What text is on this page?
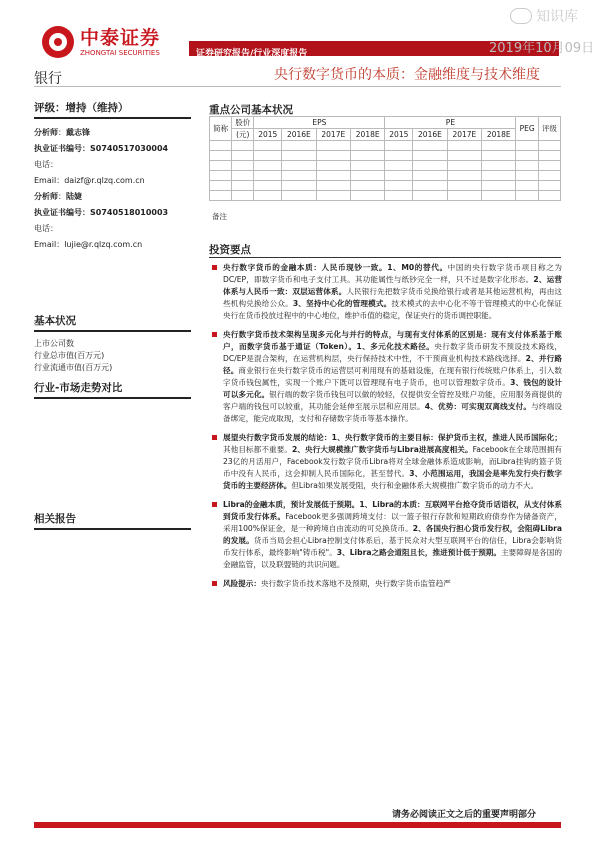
中泰证券
ZHONGTAI SECURITIES
知识库
证券研究报告/行业深度报告	2019年10月09日
银行	央行数字货币的本质：金融维度与技术维度
评级：增持（维持）
分析师：戴志锋
执业证书编号：S0740517030004
电话：
Email：daizf@r.qlzq.com.cn
分析师：陆婕
执业证书编号：S0740518010003
电话：
Email：lujie@r.qlzq.com.cn
基本状况
上市公司数
行业总市值(百万元)
行业流通市值(百万元)
行业-市场走势对比
相关报告
重点公司基本状况
简称	股价	EPS				PE				PEG	评级
	(元)	2015	2016E	2017E	2018E	2015	2016E	2017E	2018E		

备注
投资要点
央行数字货币的金融本质：人民币现钞一致。1、M0的替代。中国的央行数字货币项目称之为DC/EP，即数字货币和电子支付工具。其功能属性与纸钞完全一样，只不过是数字化形态。2、运营体系与人民币一致：双层运营体系。人民银行先把数字货币兑换给银行或者是其他运营机构，再由这些机构兑换给公众。3、坚持中心化的管理模式。技术模式的去中心化不等于管理模式的中心化保证央行在货币投放过程中的中心地位，维护币值的稳定，保证央行的货币调控职能。
央行数字货币技术架构呈现多元化与并行的特点，与现有支付体系的区别是：现有支付体系基于账户，而数字货币基于通证（Token）。1、多元化技术路径。央行数字货币研发不预设技术路线，DC/EP是混合架构，在运营机构层，央行保持技术中性，不干预商业机构技术路线选择。2、并行路径。商业银行在央行数字货币的运营层可利用现有的基础设施，在现有银行传统账户体系上，引入数字货币钱包属性，实现一个账户下既可以管理现有电子货币，也可以管理数字货币。3、钱包的设计可以多元化。银行端的数字货币钱包可以做的较轻，仅提供安全管控及账户功能，应用服务商提供的客户端的钱包可以较重，其功能会延伸至展示层和应用层。4、优势：可实现双离线支付。与终端设备绑定，能完成取现，支付和存储数字货币等基本操作。
展望央行数字货币发展的结论：1、央行数字货币的主要目标：保护货币主权，推进人民币国际化；其他目标都不重要。2、央行大规模推广数字货币与Libra进展高度相关。Facebook在全球范围拥有23亿的月活用户，Facebook发行数字货币Libra将对全球金融体系造成影响，而Libra挂钩的篮子货币中没有人民币，这会抑制人民币国际化，甚至替代。3、小范围运用，我国会是率先发行央行数字货币的主要经济体。但Libra如果发展受阻，央行和金融体系大规模推广数字货币的动力不大。
Libra的金融本质，预计发展低于预期。1、Libra的本质：互联网平台抢夺货币话语权，从支付体系到货币发行体系。Facebook更多强调跨境支付：以一篮子银行存款和短期政府债券作为储备资产，采用100%保证金，是一种跨境自由流动的可兑换货币。2、各国央行担心货币发行权，会阻碍Libra的发展。货币当局会担心Libra控制支付体系后，基于民众对大型互联网平台的信任，Libra会影响货币发行体系，最终影响"铸币税"。3、Libra之路会道阻且长，推进预计低于预期。主要障碍是各国的金融监管，以及联盟链的共识问题。
风险提示：央行数字货币技术落地不及预期，央行数字货币监管趋严
请务必阅读正文之后的重要声明部分
